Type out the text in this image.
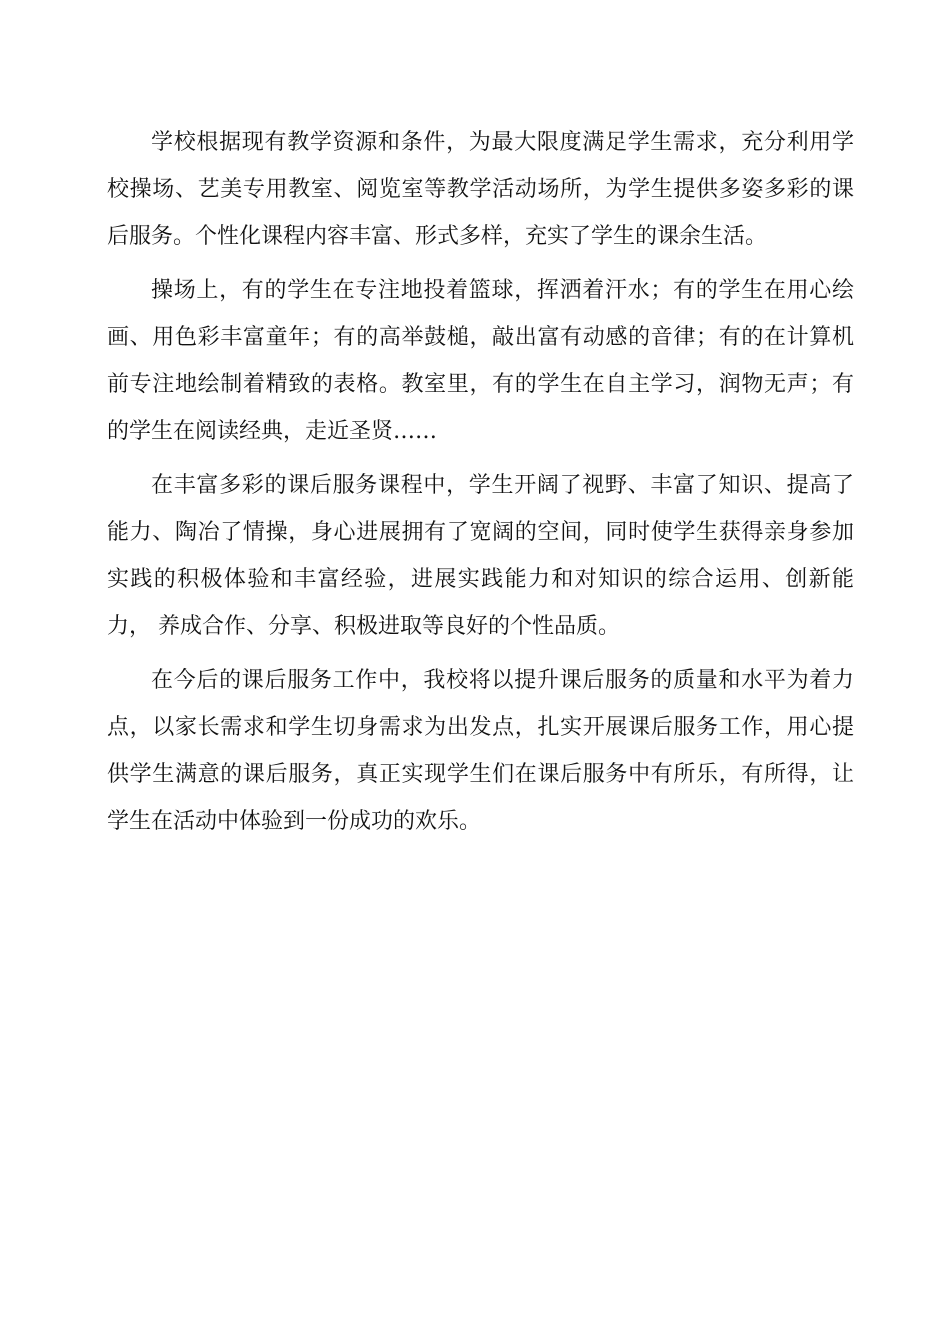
学校根据现有教学资源和条件，为最大限度满足学生需求，充分利用学 校操场、艺美专用教室、阅览室等教学活动场所，为学生提供多姿多彩的课 后服务。个性化课程内容丰富、形式多样，充实了学生的课余生活。

操场上，有的学生在专注地投着篮球，挥洒着汗水；有的学生在用心绘画、用色彩丰富童年；有的高举鼓槌，敲出富有动感的音律；有的在计算机 前专注地绘制着精致的表格。教室里，有的学生在自主学习，润物无声；有 的学生在阅读经典，走近圣贤……

在丰富多彩的课后服务课程中，学生开阔了视野、丰富了知识、提高了 能力、陶冶了情操，身心进展拥有了宽阔的空间，同时使学生获得亲身参加 实践的积极体验和丰富经验，进展实践能力和对知识的综合运用、创新能力， 养成合作、分享、积极进取等良好的个性品质。

在今后的课后服务工作中，我校将以提升课后服务的质量和水平为着力点，以家长需求和学生切身需求为出发点，扎实开展课后服务工作，用心提 供学生满意的课后服务，真正实现学生们在课后服务中有所乐，有所得，让 学生在活动中体验到一份成功的欢乐。
